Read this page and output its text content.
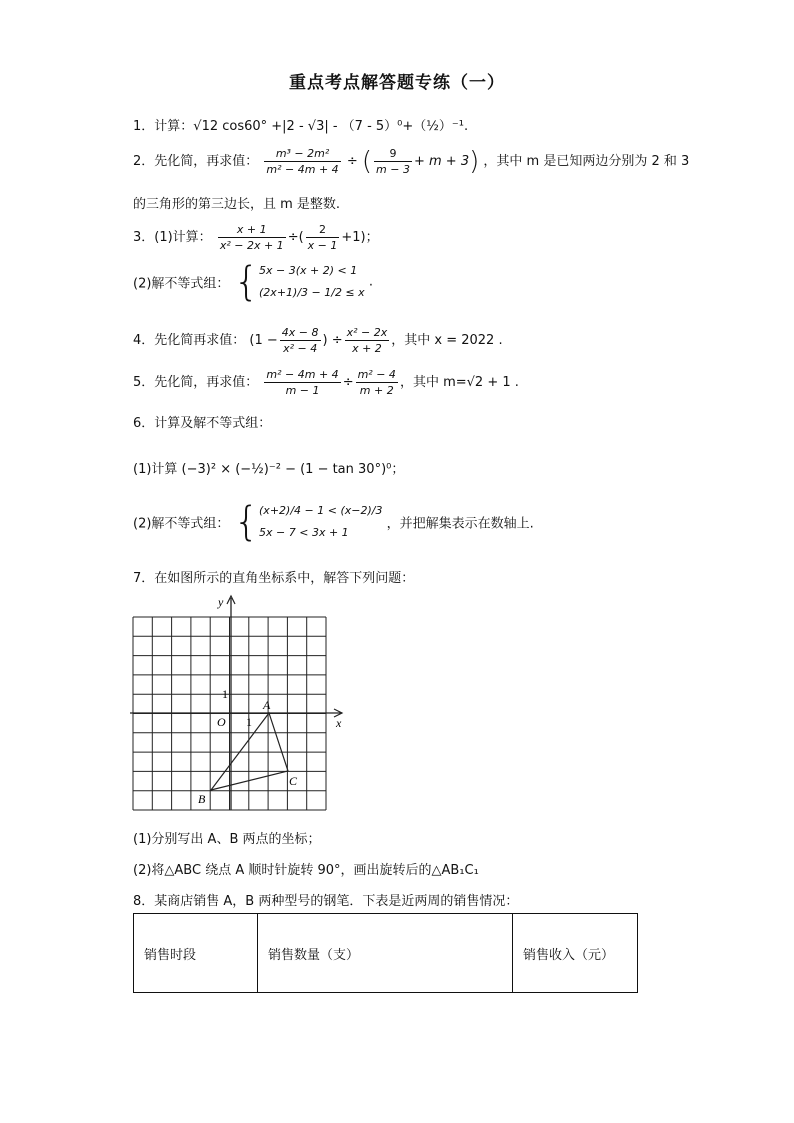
重点考点解答题专练（一）
1．计算：√12 cos60° +|2 - √3| - （7 - 5）⁰+（½）⁻¹.
2．先化简，再求值： $\frac{\text{m³ − 2m²}}{\text{m² − 4m + 4}}$ ÷ ( $\frac{9}{m - 3} + m + 3$) ，其中 m 是已知两边分别为 2 和 3
的三角形的第三边长，且 m 是整数.
3．(1)计算： $\frac{x + 1}{\text{x² − 2x + 1}}$ ÷( $\frac{2}{x - 1} +1$)；
(2)解不等式组： { 5x − 3(x + 2) < 1
(2x+1)/3 − 1/2 ≤ x
.
4．先化简再求值： ($1 - \frac{4x - 8}{\text{x² − 4}}$ ) ÷ $\frac{\text{x² − 2x}}{x + 2}$ ，其中 x = 2022 .
5．先化简，再求值： $\frac{\text{m² − 4m + 4}}{m - 1} \div \frac{\text{m² − 4}}{m + 2}$ ，其中 m=√2 + 1 .
6．计算及解不等式组：
(1)计算 (−3)² × (−½)⁻² − (1 − tan 30°)⁰；
(2)解不等式组： { (x+2)/4 − 1 < (x−2)/3
5x − 7 < 3x + 1
，并把解集表示在数轴上.
7．在如图所示的直角坐标系中，解答下列问题：
y
x
O
1
1
A
B
C
(1)分别写出 A、B 两点的坐标；
(2)将△ABC 绕点 A 顺时针旋转 90°，画出旋转后的△AB₁C₁
8．某商店销售 A，B 两种型号的钢笔．下表是近两周的销售情况：
销售时段	销售数量（支）	销售收入（元）
